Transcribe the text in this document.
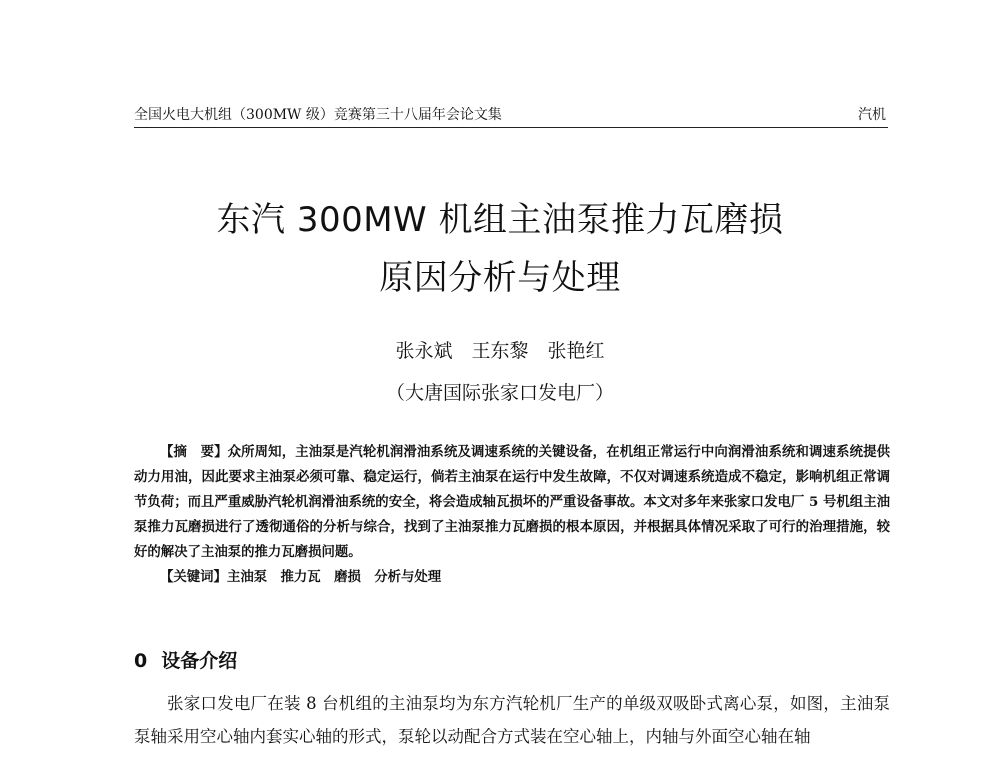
全国火电大机组（300MW 级）竞赛第三十八届年会论文集	汽机
东汽 300MW 机组主油泵推力瓦磨损
原因分析与处理
张永斌　王东黎　张艳红
（大唐国际张家口发电厂）

【摘　要】众所周知，主油泵是汽轮机润滑油系统及调速系统的关键设备，在机组正常运行中向润滑油系统和调速系统提供动力用油，因此要求主油泵必须可靠、稳定运行，倘若主油泵在运行中发生故障，不仅对调速系统造成不稳定，影响机组正常调节负荷；而且严重威胁汽轮机润滑油系统的安全，将会造成轴瓦损坏的严重设备事故。本文对多年来张家口发电厂 5 号机组主油泵推力瓦磨损进行了透彻通俗的分析与综合，找到了主油泵推力瓦磨损的根本原因，并根据具体情况采取了可行的治理措施，较好的解决了主油泵的推力瓦磨损问题。

【关键词】主油泵　推力瓦　磨损　分析与处理

0 设备介绍

张家口发电厂在装 8 台机组的主油泵均为东方汽轮机厂生产的单级双吸卧式离心泵，如图，主油泵泵轴采用空心轴内套实心轴的形式，泵轮以动配合方式装在空心轴上，内轴与外面空心轴在轴
